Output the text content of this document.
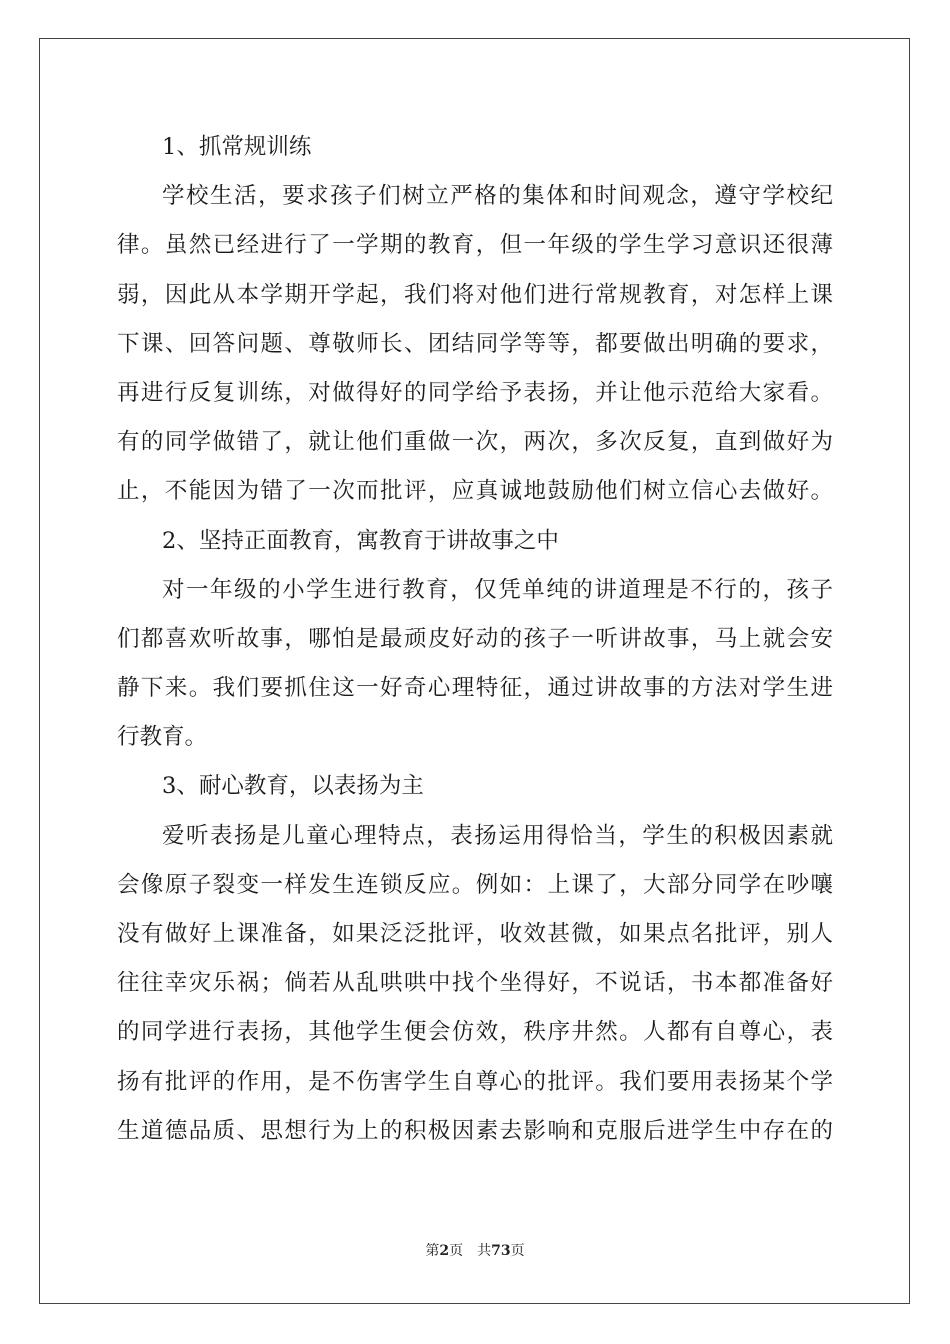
1、抓常规训练
学校生活，要求孩子们树立严格的集体和时间观念，遵守学校纪
律。虽然已经进行了一学期的教育，但一年级的学生学习意识还很薄
弱，因此从本学期开学起，我们将对他们进行常规教育，对怎样上课
下课、回答问题、尊敬师长、团结同学等等，都要做出明确的要求，
再进行反复训练，对做得好的同学给予表扬，并让他示范给大家看。
有的同学做错了，就让他们重做一次，两次，多次反复，直到做好为
止，不能因为错了一次而批评，应真诚地鼓励他们树立信心去做好。
2、坚持正面教育，寓教育于讲故事之中
对一年级的小学生进行教育，仅凭单纯的讲道理是不行的，孩子
们都喜欢听故事，哪怕是最顽皮好动的孩子一听讲故事，马上就会安
静下来。我们要抓住这一好奇心理特征，通过讲故事的方法对学生进
行教育。
3、耐心教育，以表扬为主
爱听表扬是儿童心理特点，表扬运用得恰当，学生的积极因素就
会像原子裂变一样发生连锁反应。例如：上课了，大部分同学在吵嚷
没有做好上课准备，如果泛泛批评，收效甚微，如果点名批评，别人
往往幸灾乐祸；倘若从乱哄哄中找个坐得好，不说话，书本都准备好
的同学进行表扬，其他学生便会仿效，秩序井然。人都有自尊心，表
扬有批评的作用，是不伤害学生自尊心的批评。我们要用表扬某个学
生道德品质、思想行为上的积极因素去影响和克服后进学生中存在的
第2页 共73页
